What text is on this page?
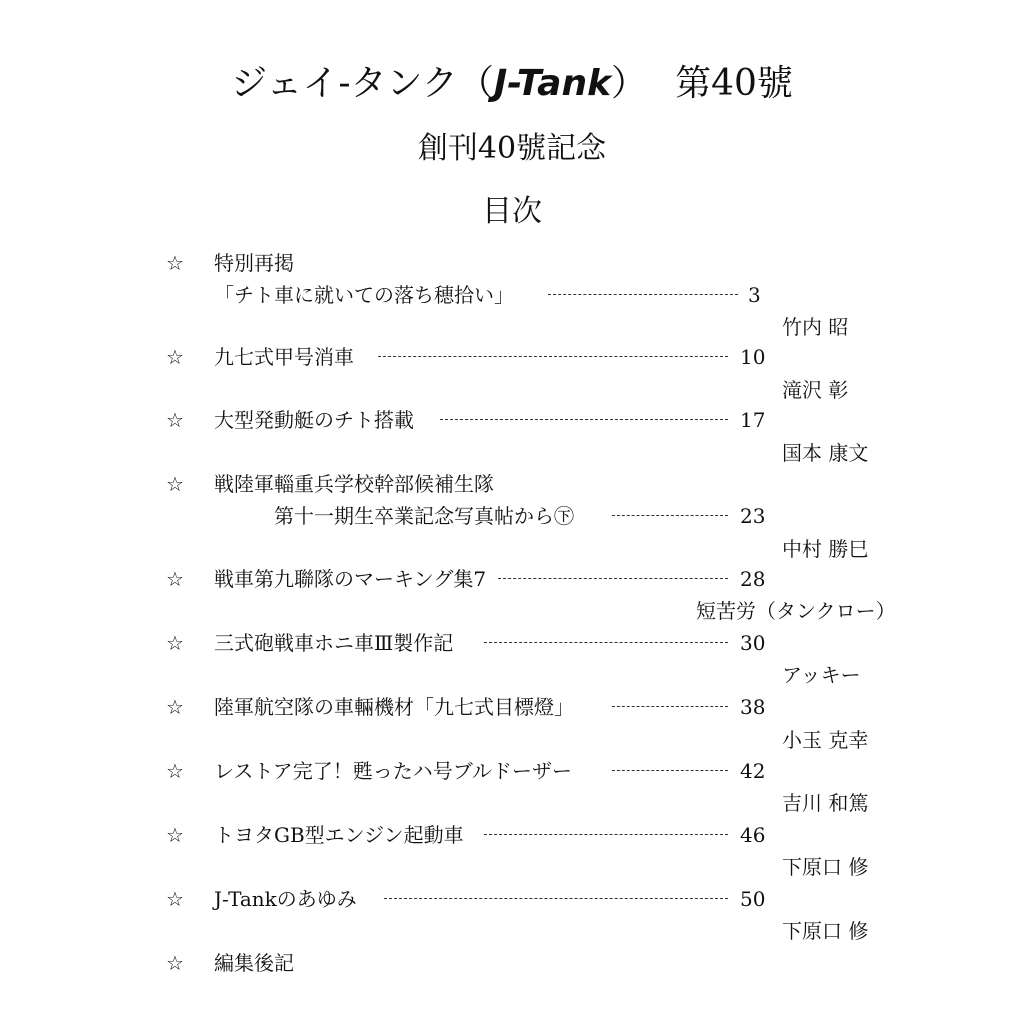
ジェイ-タンク（J-Tank） 第40號
創刊40號記念
目次
☆ 特別再掲
「チト車に就いての落ち穂拾い」	3
竹内 昭
☆ 九七式甲号消車	10
滝沢 彰
☆ 大型発動艇のチト搭載	17
国本 康文
☆ 戦陸軍輜重兵学校幹部候補生隊
第十一期生卒業記念写真帖から㊦	23
中村 勝巳
☆ 戦車第九聯隊のマーキング集7	28
短苦労（タンクロー）
☆ 三式砲戦車ホニ車Ⅲ製作記	30
アッキー
☆ 陸軍航空隊の車輛機材「九七式目標燈」	38
小玉 克幸
☆ レストア完了！甦ったハ号ブルドーザー	42
吉川 和篤
☆ トヨタGB型エンジン起動車	46
下原口 修
☆ J-Tankのあゆみ	50
下原口 修
☆ 編集後記
